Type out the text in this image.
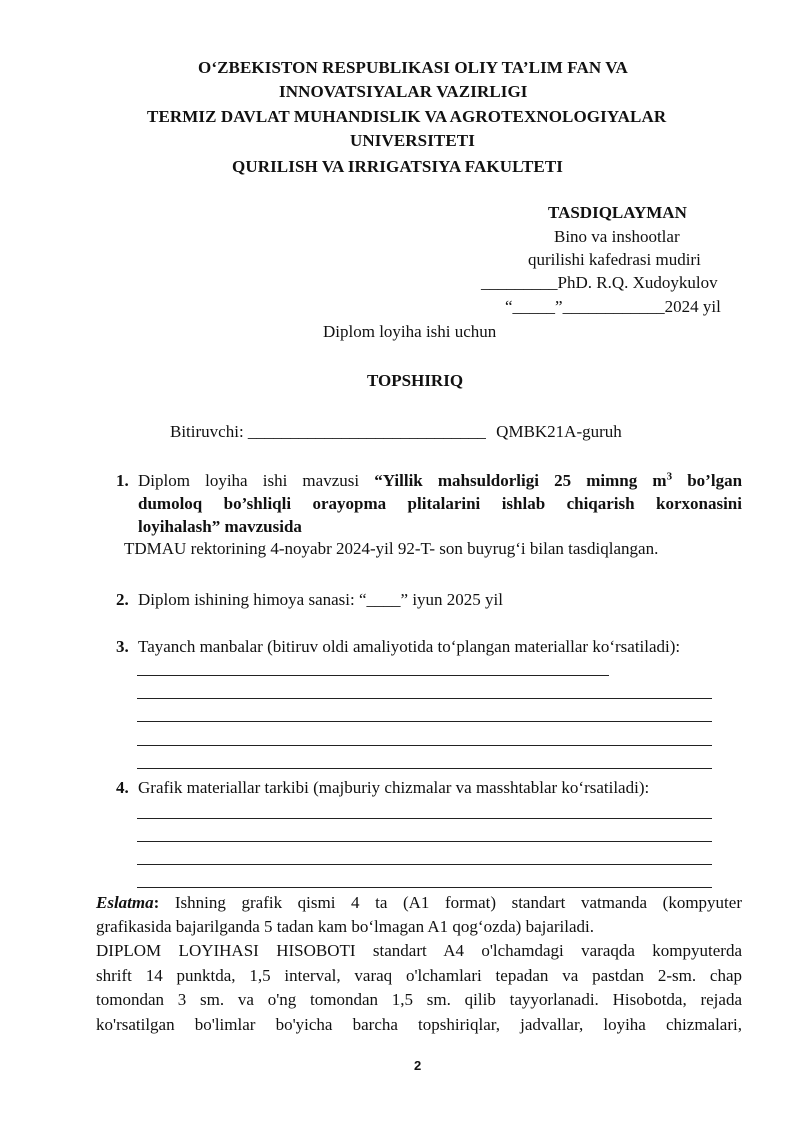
O‘ZBEKISTON RESPUBLIKASI OLIY TA’LIM FAN VA
INNOVATSIYALAR VAZIRLIGI
TERMIZ DAVLAT MUHANDISLIK VA AGROTEXNOLOGIYALAR
UNIVERSITETI
QURILISH VA IRRIGATSIYA FAKULTETI
TASDIQLAYMAN
Bino va inshootlar
qurilishi kafedrasi mudiri
_________PhD. R.Q. Xudoykulov
“_____”____________2024 yil
Diplom loyiha ishi uchun
TOPSHIRIQ
Bitiruvchi: ____________________________ QMBK21A-guruh
1. Diplom loyiha ishi mavzusi “Yillik mahsuldorligi 25 mimng $m^3$ bo’lgan
dumoloq bo’shliqli orayopma plitalarini ishlab chiqarish korxonasini
loyihalash” mavzusida
TDMAU rektorining 4-noyabr 2024-yil 92-T- son buyrug‘i bilan tasdiqlangan.
2. Diplom ishining himoya sanasi: “____” iyun 2025 yil
3. Tayanch manbalar (bitiruv oldi amaliyotida to‘plangan materiallar ko‘rsatiladi):
4. Grafik materiallar tarkibi (majburiy chizmalar va masshtablar ko‘rsatiladi):
Eslatma: Ishning grafik qismi 4 ta (A1 format) standart vatmanda (kompyuter
grafikasida bajarilganda 5 tadan kam bo‘lmagan A1 qog‘ozda) bajariladi.
DIPLOM LOYIHASI HISOBOTI standart A4 o'lchamdagi varaqda kompyuterda
shrift 14 punktda, 1,5 interval, varaq o'lchamlari tepadan va pastdan 2-sm. chap
tomondan 3 sm. va o'ng tomondan 1,5 sm. qilib tayyorlanadi. Hisobotda, rejada
ko'rsatilgan bo'limlar bo'yicha barcha topshiriqlar, jadvallar, loyiha chizmalari,
2
